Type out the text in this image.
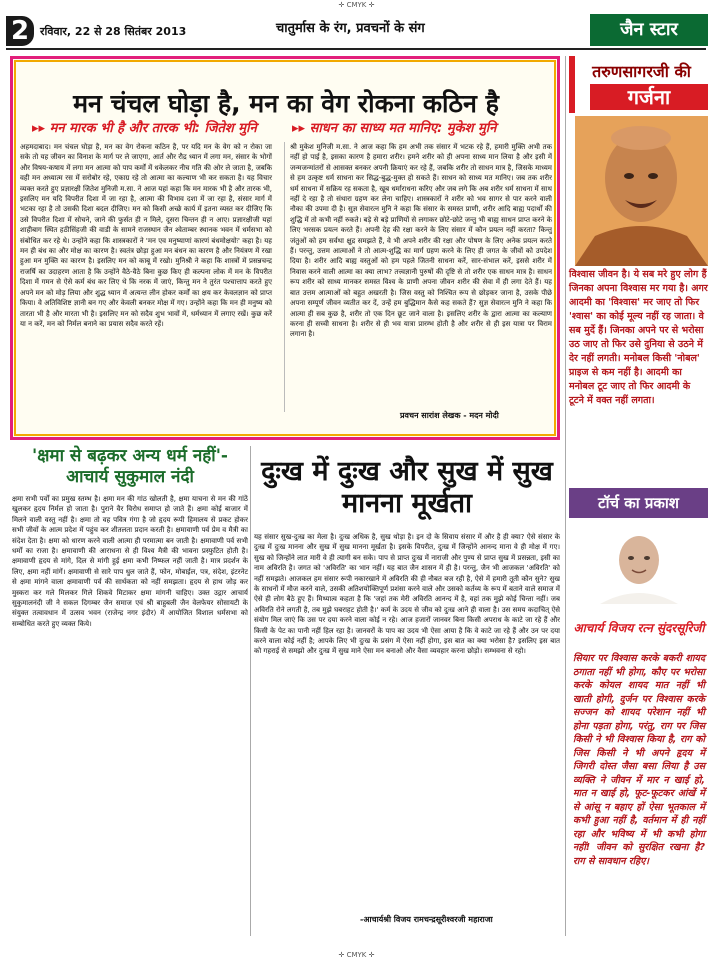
✛ CMYK ✛
2 रविवार, 22 से 28 सितंबर 2013	चातुर्मास के रंग, प्रवचनों के संग	जैन स्टार
मन चंचल घोड़ा है, मन का वेग रोकना कठिन है
▸▸ मन मारक भी है और तारक भी: जितेश मुनि	▸▸ साधन का साध्य मत मानिए: मुकेश मुनि
अहमदाबाद। मन चंचल घोड़ा है, मन का वेग रोकना कठिन है, पर यदि मन के वेग को न रोका जा सके तो यह जीवन का विनाश के मार्ग पर ले जाएगा, आर्त और रौद्र ध्यान में लगा मन, संसार के भोगों और विषय-कषाय में लगा मन आत्मा को पाप कर्मों में धकेलकर नीच गति की ओर ले जाता है, जबकि वही मन अध्यात्म रस में सरोबोर रहे, एकाग्र रहे तो आत्मा का कल्याण भी कर सकता है। यह विचार व्यक्त करते हुए प्रज्ञारक्षी जितेश मुनिजी म.सा. ने आज यहां कहा कि मन मारक भी है और तारक भी, इसलिए मन यदि विपरीत दिशा में जा रहा है, आत्मा की विभाव दशा में जा रहा है, संसार मार्ग में भटका रहा है तो उसकी दिशा बदल दीजिए। मन को किसी अच्छे कार्य में इतना व्यस्त कर दीजिए कि उसे विपरीत दिशा में सोचने, जाने की फुर्सत ही न मिले, दूसरा चिन्तन ही न आए। प्रज्ञारक्षीजी यहां शाहीबाग स्थित हठीसिंहजी की वाडी के सामने राजस्थान जैन श्वेताम्बर स्थानक भवन में धर्मसभा को संबोधित कर रहे थे। उन्होंने कहा कि शास्त्रकारों ने 'मन एव मनुष्याणां कारणं बंधमोक्षयोः' कहा है। यह मन ही बंध का और मोक्ष का कारण है। स्वतंत्र छोड़ा हुआ मन बंधन का कारण है और नियंत्रण में रखा हुआ मन मुक्ति का कारण है। इसलिए मन को काबू में रखो। मुनिश्री ने कहा कि शास्त्रों में प्रसन्नचन्द्र राजर्षि का उदाहरण आता है कि उन्होंने वैठे-वैठे बिना कुछ किए ही कल्पना लोक में मन के विपरीत दिशा में गमन से ऐसे कर्म बंध कर लिए थे कि नरक में जाएं, किन्तु मन ने तुरंत पश्चात्ताप करते हुए अपने मन को मोड़ लिया और शुद्ध ध्यान में अत्यन्त लीन होकर कर्मों का क्षय कर केवलज्ञान को प्राप्त किया। वे अतिविशिष्ट ज्ञानी बन गए और केवली बनकर मोक्ष में गए। उन्होंने कहा कि मन ही मनुष्य को तारता भी है और मारता भी है। इसलिए मन को सदैव शुभ भावों में, धर्मध्यान में लगाए रखें। कुछ करें या न करें, मन को निर्मल बनाने का प्रयास सदैव करते रहें।
श्री मुकेश मुनिजी म.सा. ने आज कहा कि हम अभी तक संसार में भटक रहे हैं, हमारी मुक्ति अभी तक नहीं हो पाई है, इसका कारण है हमारा शरीर। हमने शरीर को ही अपना साध्य मान लिया है और इसी में जन्मजन्मांतरों से आसक्त बनकर अपनी क्रियाएं कर रहे हैं, जबकि शरीर तो साधन मात्र है, जिसके माध्यम से हम उत्कृष्ट धर्म साधना कर सिद्ध-बुद्ध-मुक्त हो सकते हैं। साधन को साध्य मत मानिए। जब तक शरीर धर्म साधना में सक्रिय रह सकता है, खूब धर्माराधना करिए और जब लगे कि अब शरीर धर्म साधना में साथ नहीं दे रहा है तो संथारा ग्रहण कर लेना चाहिए। शास्त्रकारों ने शरीर को भव सागर से पार करने वाली नौका की उपमा दी है। सुज्ञ सेवारत्न मुनि ने कहा कि संसार के समस्त प्राणी, शरीर आदि बाह्य पदार्थों की शुद्धि में तो कभी नहीं रुकते। बड़े से बड़े प्राणियों से लगाकर छोटे-छोटे जन्तु भी बाह्य साधन प्राप्त करने के लिए भरसक प्रयत्न करते हैं। अपनी देह की रक्षा करने के लिए संसार में कौन प्रयत्न नहीं करता? किन्तु जंतुओं को हम सर्वथा क्षुद्र समझते हैं, वे भी अपने शरीर की रक्षा और पोषण के लिए अनेक प्रयत्न करते हैं। परन्तु, उत्तम आत्माओं ने तो आत्म-शुद्धि का मार्ग ग्रहण करने के लिए ही जगत के जीवों को उपदेश दिया है। शरीर आदि बाह्य वस्तुओं को हम पहले जितनी साधना करें, सार-संभाल करें, इससे शरीर में निवास करने वाली आत्मा का क्या लाभ? तत्त्वज्ञानी पुरुषों की दृष्टि से तो शरीर एक साधन मात्र है। साधन रूप शरीर को साध्य मानकर समस्त विश्व के प्राणी अपना जीवन शरीर की सेवा में ही लगा देते हैं। यह बात उत्तम आत्माओं को बहुत अखरती है। जिस वस्तु को निश्चित रूप से छोड़कर जाना है, उसके पीछे अपना सम्पूर्ण जीवन व्यतीत कर दें, उन्हें हम बुद्धिमान कैसे कह सकते हैं? सुज्ञ सेवारत्न मुनि ने कहा कि आत्मा ही सब कुछ है, शरीर तो एक दिन छूट जाने वाला है। इसलिए शरीर के द्वारा आत्मा का कल्याण करना ही सच्ची साधना है। शरीर से ही भव यात्रा प्रारम्भ होती है और शरीर से ही इस यात्रा पर विराम लगाना है।
प्रवचन सारांश लेखक - मदन मोदी
तरुणसागरजी की
गर्जना
विश्वास जीवन है। ये सब मरे हुए लोग हैं जिनका अपना विश्वास मर गया है। अगर आदमी का 'विश्वास' मर जाए तो फिर 'श्वास' का कोई मूल्य नहीं रह जाता। वे सब मुर्दे हैं। जिनका अपने पर से भरोसा उठ जाए तो फिर उसे दुनिया से उठने में देर नहीं लगती। मनोबल किसी 'नोबल' प्राइज से कम नहीं है। आदमी का मनोबल टूट जाए तो फिर आदमी के टूटने में वक्त नहीं लगता।
टॉर्च का प्रकाश
आचार्य विजय रत्न सुंदरसूरिजी
सियार पर विश्वास करके बकरी शायद ठगाता नहीं भी होगा, कौए पर भरोसा करके कोयल शायद मात नहीं भी खाती होगी, दुर्जन पर विश्वास करके सज्जन को शायद परेशान नहीं भी होना पड़ता होगा, परंतु, राग पर जिस किसी ने भी विश्वास किया है, राग को जिस किसी ने भी अपने हृदय में जिगरी दोस्त जैसा बसा लिया है उस व्यक्ति ने जीवन में मार न खाई हो, मात न खाई हो, फूट-फूटकर आंखें में से आंसू न बहाए हों ऐसा भूतकाल में कभी हुआ नहीं है, वर्तमान में ही नहीं रहा और भविष्य में भी कभी होगा नहीं! जीवन को सुरक्षित रखना है? राग से सावधान रहिए।
'क्षमा से बढ़कर अन्य धर्म नहीं'-आचार्य सुकुमाल नंदी
क्षमा सभी पर्वों का प्रमुख स्तम्भ है। क्षमा मन की गांठ खोलती है, क्षमा याचना से मन की गांठें खुलकर हृदय निर्मल हो जाता है। पुराने वैर विरोध समाप्त हो जाते हैं। क्षमा कोई बाजार में मिलने वाली वस्तु नहीं है। क्षमा तो वह पवित्र गंगा है जो हृदय रूपी हिमालय से प्रकट होकर सभी जीवों के आत्म प्रदेश में पहुंच कर शीतलता प्रदान करती है। क्षमावाणी पर्व प्रेम व मैत्री का संदेश देता है। क्षमा को धारण करने वाली आत्मा ही परमात्मा बन जाती है। क्षमावाणी पर्व सभी धर्मों का राजा है। क्षमावाणी की आराधना से ही विश्व मैत्री की भावना प्रस्फुटित होती है। क्षमावाणी हृदय से मांगे, दिल से मांगी हुई क्षमा कभी निष्फल नहीं जाती है। मात्र प्रदर्शन के लिए, क्षमा नहीं मांगें। क्षमावाणी से सारे पाप धुल जाते हैं, फोन, मोबाईल, पत्र, संदेश, इंटरनेट से क्षमा मांगने वाला क्षमावाणी पर्व की सार्थकता को नहीं समझता। हृदय से हाथ जोड़ कर मुस्करा कर गले मिलकर गिले शिकवे मिटाकर क्षमा मांगनी चाहिए। उक्त उद्गार आचार्य सुकुमालनंदी जी ने सकल दिगम्बर जैन समाज एवं श्री बाहुबली जैन वेलफेयर सोसायटी के संयुक्त तत्वावधान में उत्सव भवन (राजेन्द्र नगर इंदौर) में आयोजित विशाल धर्मसभा को सम्बोधित करते हुए व्यक्त किये।
दुःख में दुःख और सुख में सुख मानना मूर्खता
यह संसार सुख-दुःख का मेला है। दुःख अधिक है, सुख थोड़ा है। इन दो के सिवाय संसार में और है ही क्या? ऐसे संसार के दुःख में दुःख मानना और सुख में सुख मानना मूर्खता है। इसके विपरीत, दुःख में जिन्होंने आनन्द माना वे ही मोक्ष में गए। सुख को जिन्होंने लात मारी वे ही त्यागी बन सके। पाप से प्राप्त दुःख में नाराजी और पुण्य से प्राप्त सुख में प्रसन्नता, इसी का नाम अविरति है। जगत को 'अविरति' का भान नहीं। यह बात जैन शासन में ही है। परन्तु, जैन भी आजकल 'अविरति' को नहीं समझते। आजकल हम संसार रूपी नकारखाने में अविरति की ही नौबत बज रही है, ऐसे में हमारी तूती कौन सुने? सुख के साधनों में मौज करने वाले, उसकी अतिशयोक्तिपूर्ण प्रशंसा करने वाले और उसको कर्तव्य के रूप में बताने वाले समाज में ऐसे ही लोग बैठे हुए हैं। मिथ्यात्व कहता है कि 'जहां तक मेरी अविरति आनन्द में है, वहां तक मुझे कोई चिन्ता नहीं। जब अविरति रोने लगती है, तब मुझे घबराहट होती है।' कर्म के उदय से जीव को दुःख आने ही वाला है। उस समय कदाचित् ऐसे संयोग मिल जाएं कि उस पर दया करने वाला कोई न रहे। आज हजारों जानवर बिना किसी अपराध के काटे जा रहे हैं और किसी के पेट का पानी नहीं हिल रहा है। जानवरों के पाप का उदय भी ऐसा आया है कि वे काटे जा रहे हैं और उन पर दया करने वाला कोई नहीं है; आपके लिए भी दुःख के प्रसंग में ऐसा नहीं होगा, इस बात का क्या भरोसा है? इसलिए इस बात को गहराई से समझो और दुःख में सुख माने ऐसा मन बनाओ और वैसा व्यवहार करना छोड़ो। सम्भवना से रहो।
-आचार्यश्री विजय रामचन्द्रसूरीश्वरजी महाराजा
✛ CMYK ✛
